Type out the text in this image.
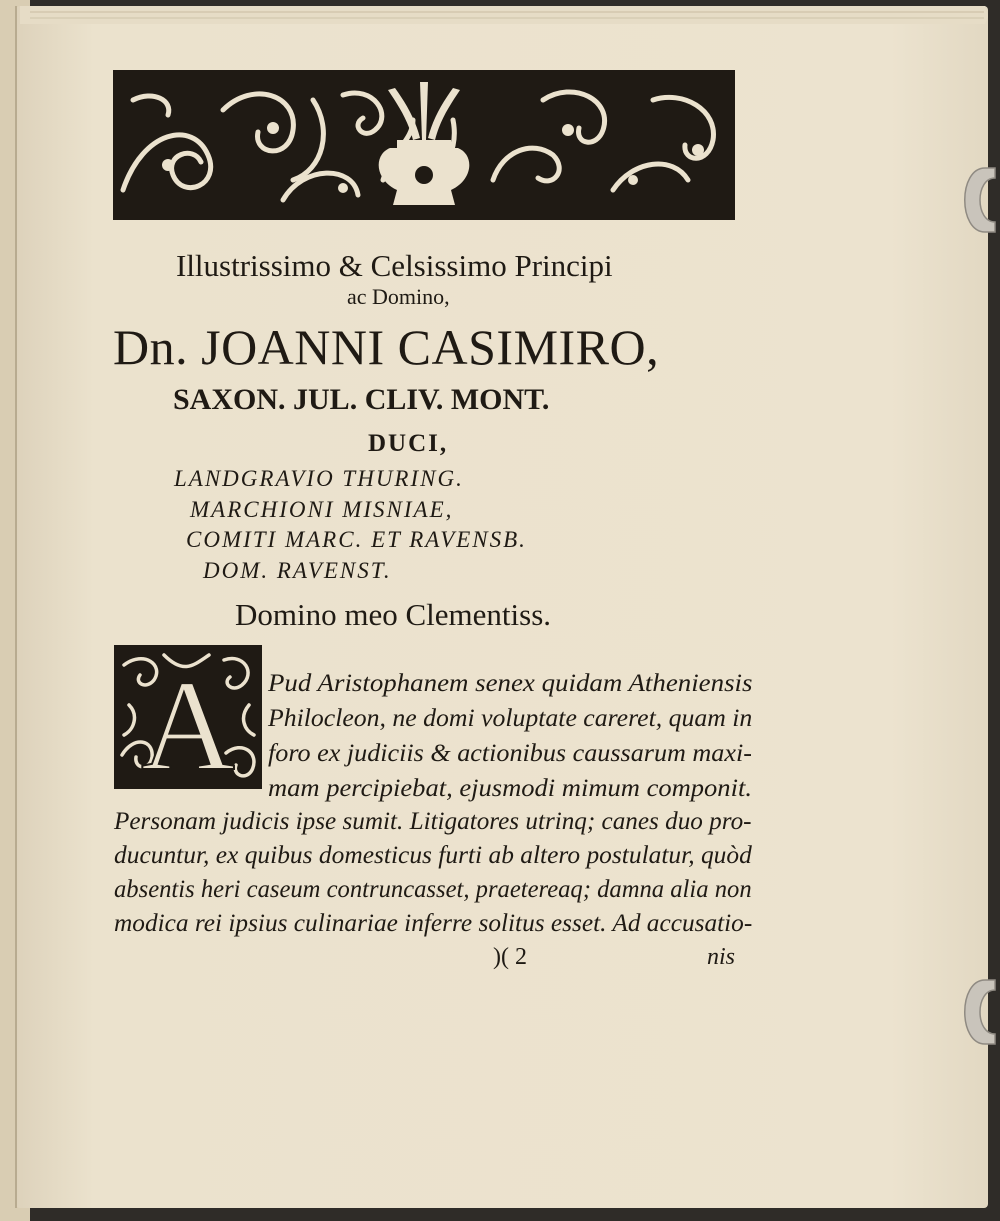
Illustrissimo & Celsissimo Principi
ac Domino,
Dn. JOANNI CASIMIRO,
SAXON. JUL. CLIV. MONT.
DUCI,
LANDGRAVIO THURING.
MARCHIONI MISNIAE,
COMITI MARC. ET RAVENSB.
DOM. RAVENST.
Domino meo Clementiss.
A Pud Aristophanem senex quidam Atheniensis
Philocleon, ne domi voluptate careret, quam in
foro ex judiciis & actionibus caussarum maxi-
mam percipiebat, ejusmodi mimum componit.
Personam judicis ipse sumit. Litigatores utrinq; canes duo pro-
ducuntur, ex quibus domesticus furti ab altero postulatur, quòd
absentis heri caseum contruncasset, praetereaq; damna alia non
modica rei ipsius culinariae inferre solitus esset. Ad accusatio-
)( 2	nis
